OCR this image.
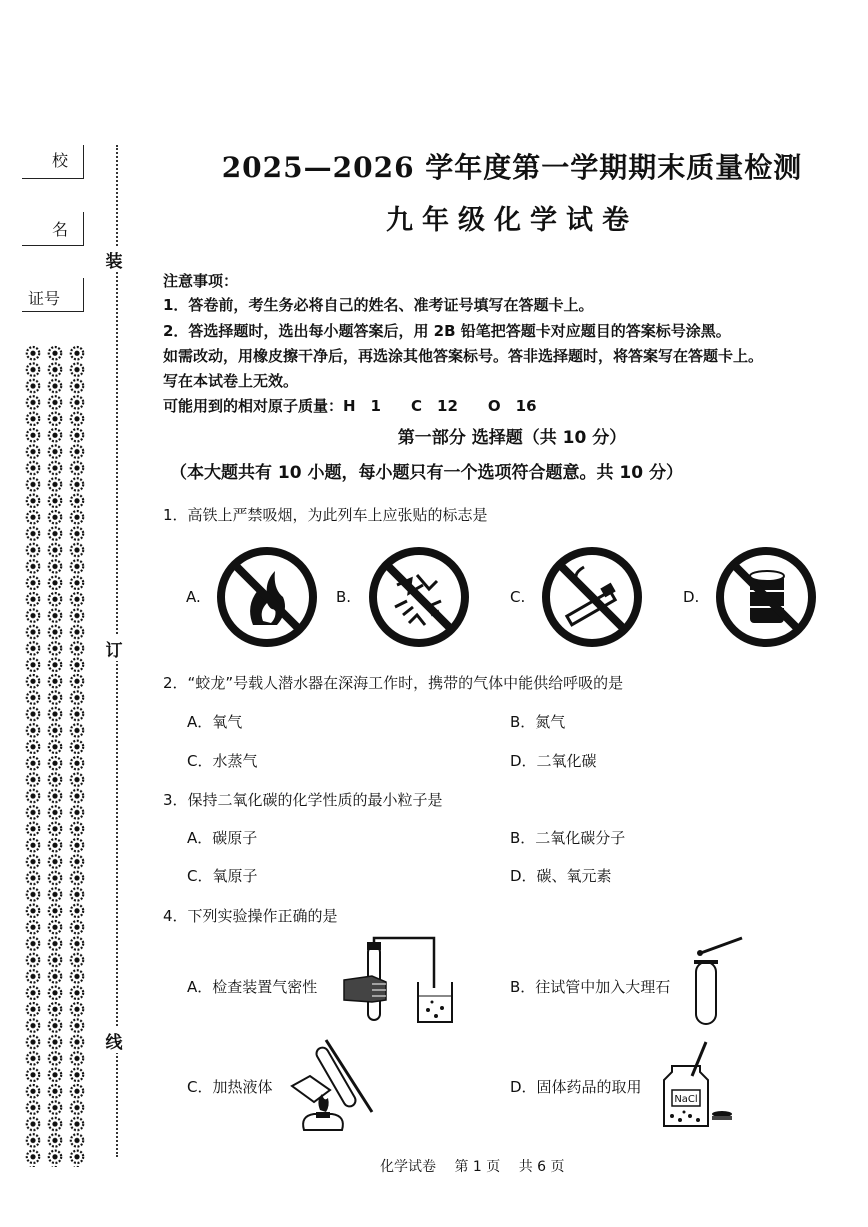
校
名
证号
装
订
线
2025—2026 学年度第一学期期末质量检测
九年级化学试卷
注意事项：
1．答卷前，考生务必将自己的姓名、准考证号填写在答题卡上。
2．答选择题时，选出每小题答案后，用 2B 铅笔把答题卡对应题目的答案标号涂黑。
如需改动，用橡皮擦干净后，再选涂其他答案标号。答非选择题时，将答案写在答题卡上。
写在本试卷上无效。
可能用到的相对原子质量：H　1　　C　12　　O　16
第一部分 选择题（共 10 分）
（本大题共有 10 小题，每小题只有一个选项符合题意。共 10 分）
1．高铁上严禁吸烟，为此列车上应张贴的标志是
A.	B.	C.	D.
2．“蛟龙”号载人潜水器在深海工作时，携带的气体中能供给呼吸的是
A．氧气	B．氮气
C．水蒸气	D．二氧化碳
3．保持二氧化碳的化学性质的最小粒子是
A．碳原子	B．二氧化碳分子
C．氧原子	D．碳、氧元素
4．下列实验操作正确的是
A．检查装置气密性	B．往试管中加入大理石
C．加热液体	D．固体药品的取用
NaCl
化学试卷 第 1 页 共 6 页
